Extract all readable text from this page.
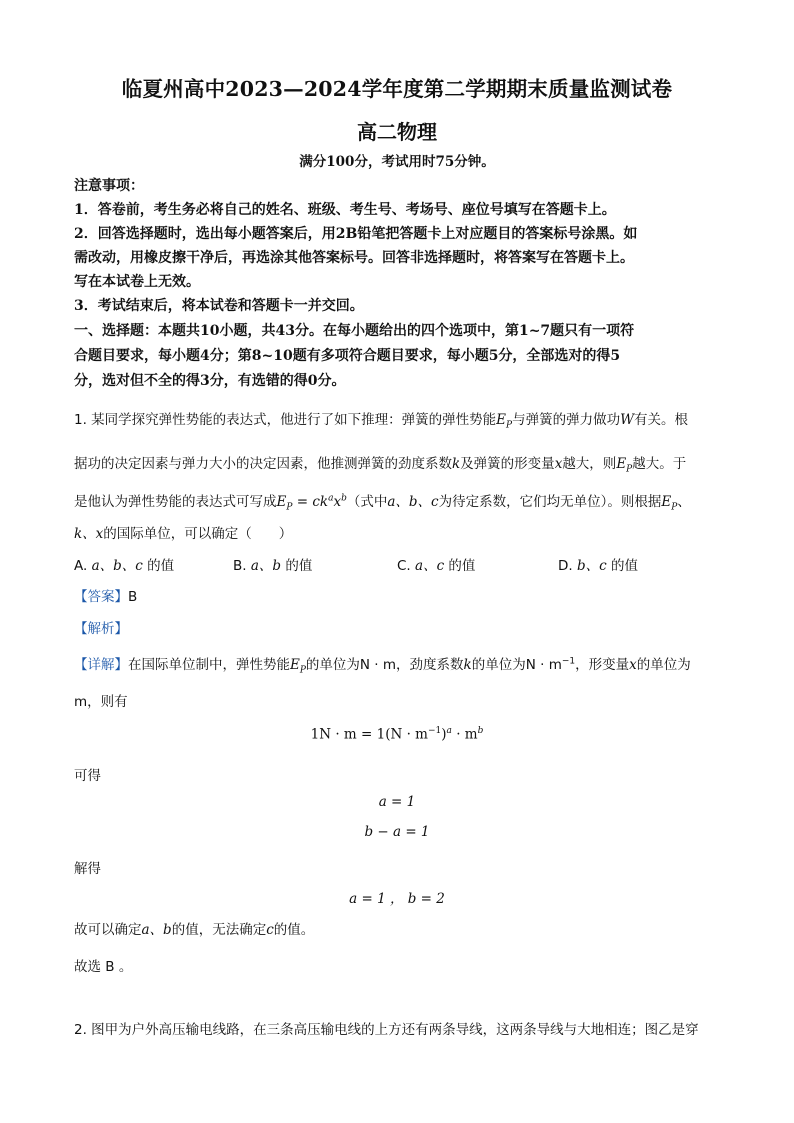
临夏州高中2023—2024学年度第二学期期末质量监测试卷
高二物理
满分100分，考试用时75分钟。
注意事项：
1．答卷前，考生务必将自己的姓名、班级、考生号、考场号、座位号填写在答题卡上。
2．回答选择题时，选出每小题答案后，用2B铅笔把答题卡上对应题目的答案标号涂黑。如
需改动，用橡皮擦干净后，再选涂其他答案标号。回答非选择题时，将答案写在答题卡上。
写在本试卷上无效。
3．考试结束后，将本试卷和答题卡一并交回。
一、选择题：本题共10小题，共43分。在每小题给出的四个选项中，第1~7题只有一项符
合题目要求，每小题4分；第8~10题有多项符合题目要求，每小题5分，全部选对的得5
分，选对但不全的得3分，有选错的得0分。
1. 某同学探究弹性势能的表达式，他进行了如下推理：弹簧的弹性势能$E_P$与弹簧的弹力做功W有关。根
据功的决定因素与弹力大小的决定因素，他推测弹簧的劲度系数k及弹簧的形变量x越大，则$E_P$越大。于
是他认为弹性势能的表达式可写成$E_P = ck^ax^b$（式中a、b、c为待定系数，它们均无单位）。则根据$E_P$、
k、x的国际单位，可以确定（　　）
A. a、b、c 的值	B. a、b 的值	C. a、c 的值	D. b、c 的值
【答案】B
【解析】
【详解】在国际单位制中，弹性势能$E_P$的单位为N · m，劲度系数k的单位为$N \cdot m^{-1}$，形变量x的单位为
m，则有
$1N \cdot m = 1(N \cdot m^{-1})^a \cdot m^b$
可得
a = 1
b − a = 1
解得
a = 1 ， b = 2
故可以确定a、b的值，无法确定c的值。
故选 B 。
2. 图甲为户外高压输电线路，在三条高压输电线的上方还有两条导线，这两条导线与大地相连；图乙是穿
